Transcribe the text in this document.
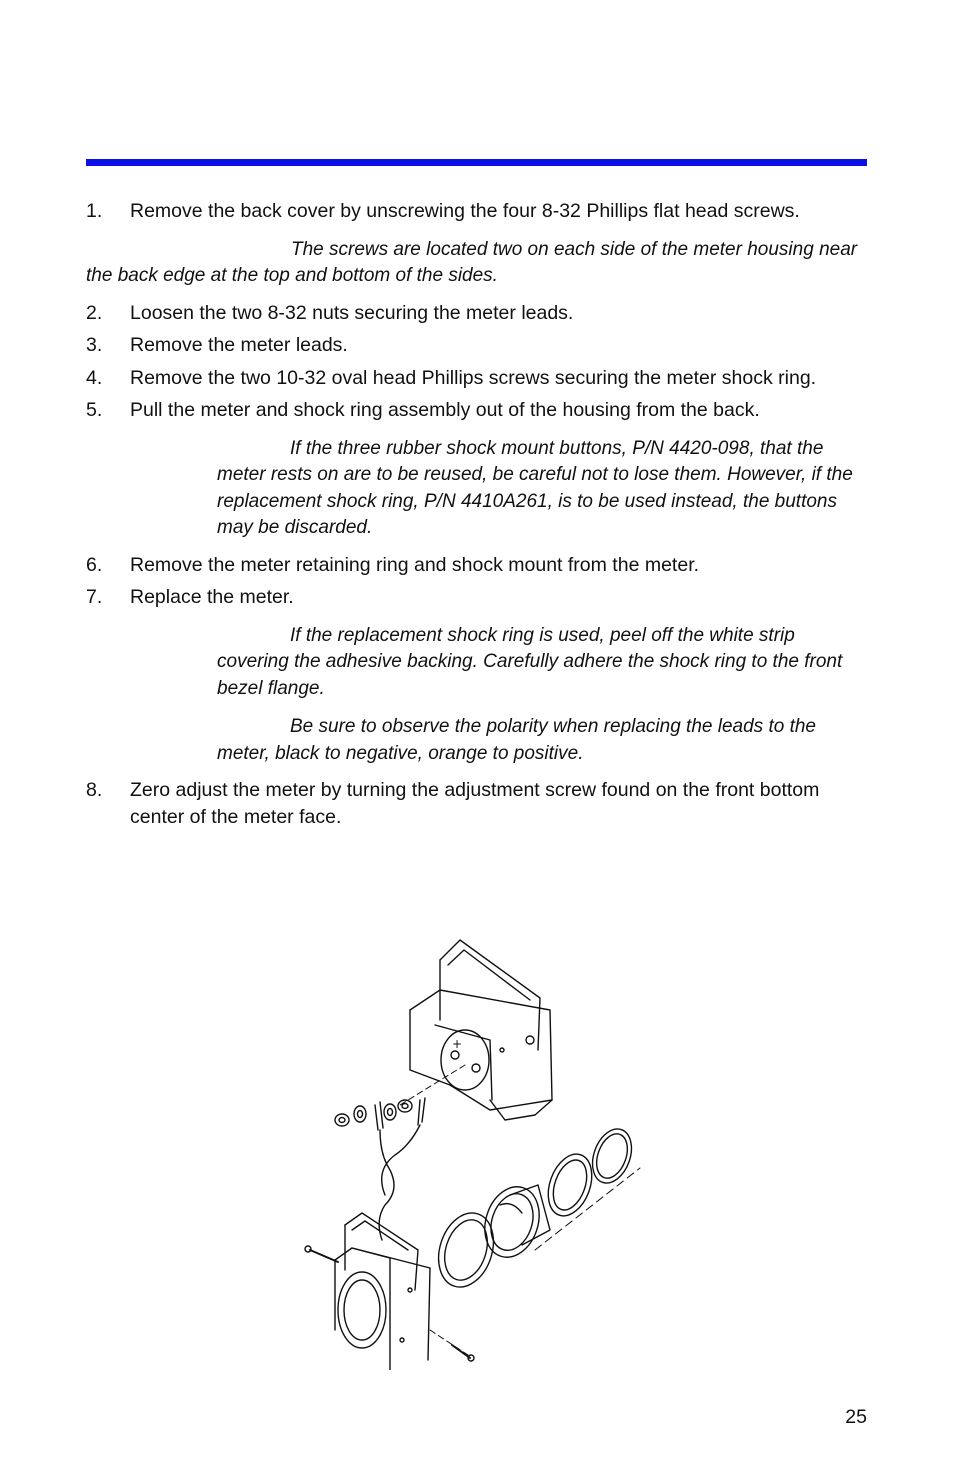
1. Remove the back cover by unscrewing the four 8-32 Phillips flat head screws.
The screws are located two on each side of the meter housing near the back edge at the top and bottom of the sides.
2. Loosen the two 8-32 nuts securing the meter leads.
3. Remove the meter leads.
4. Remove the two 10-32 oval head Phillips screws securing the meter shock ring.
5. Pull the meter and shock ring assembly out of the housing from the back.
If the three rubber shock mount buttons, P/N 4420-098, that the meter rests on are to be reused, be careful not to lose them. However, if the replacement shock ring, P/N 4410A261, is to be used instead, the buttons may be discarded.
6. Remove the meter retaining ring and shock mount from the meter.
7. Replace the meter.
If the replacement shock ring is used, peel off the white strip covering the adhesive backing. Carefully adhere the shock ring to the front bezel flange.
Be sure to observe the polarity when replacing the leads to the meter, black to negative, orange to positive.
8. Zero adjust the meter by turning the adjustment screw found on the front bottom center of the meter face.
+
25
